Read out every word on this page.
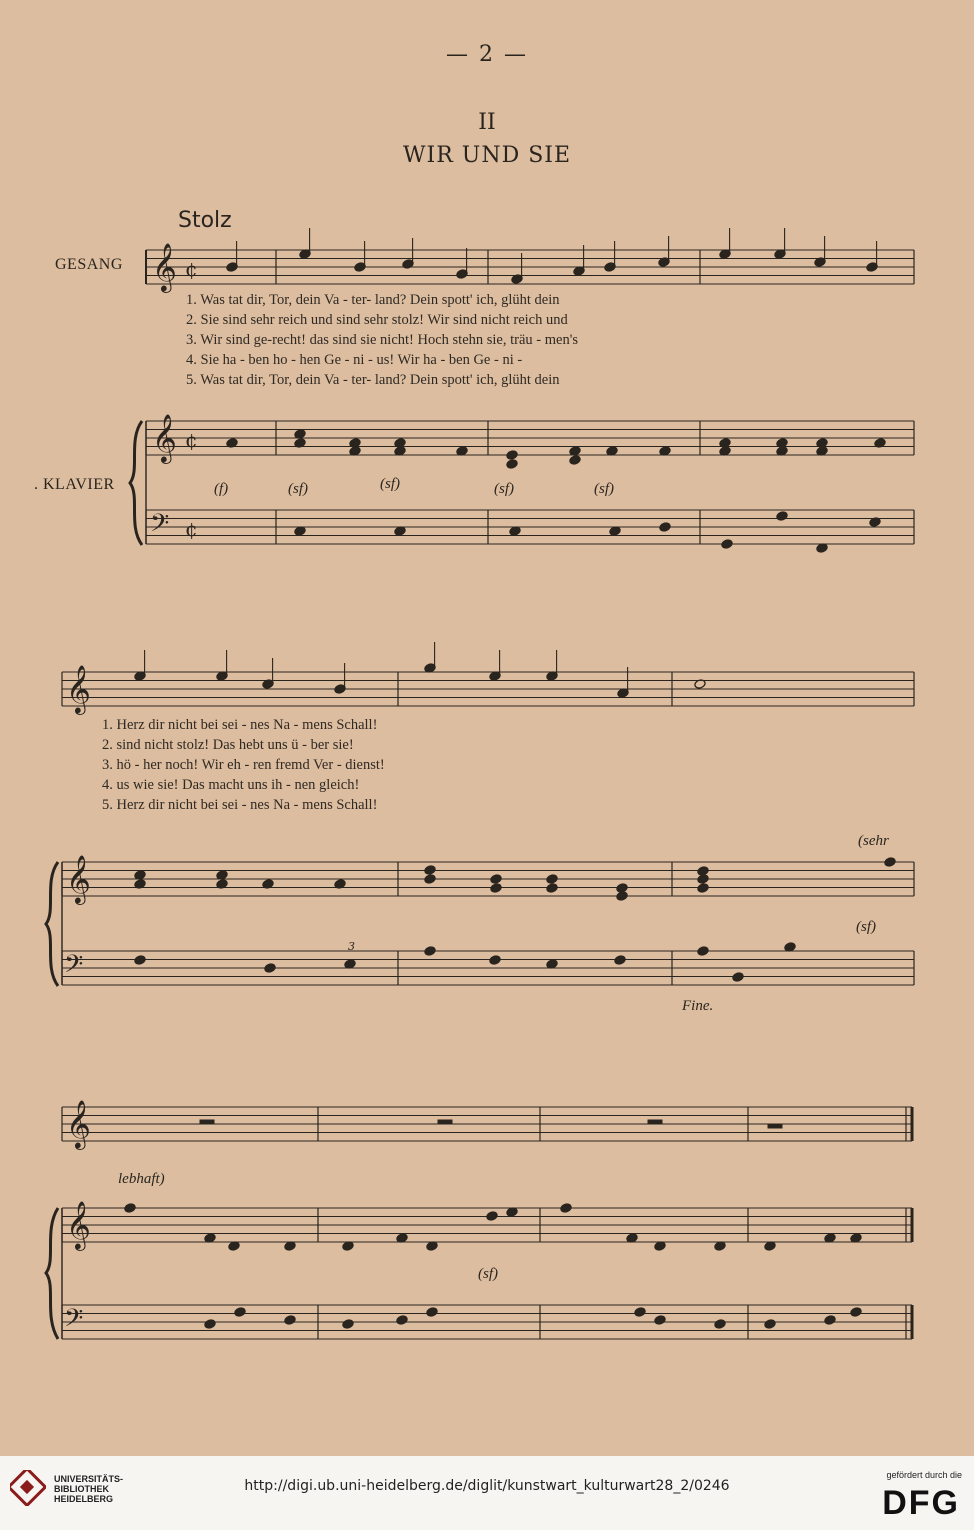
— 2 —
II
WIR UND SIE
Stolz
GESANG
. KLAVIER
1. Was tat dir, Tor, dein Va - ter- land? Dein spott' ich, glüht dein
2. Sie sind sehr reich und sind sehr stolz! Wir sind nicht reich und
3. Wir sind ge-recht! das sind sie nicht! Hoch stehn sie, träu - men's
4. Sie ha - ben ho - hen Ge - ni - us! Wir ha - ben Ge - ni -
5. Was tat dir, Tor, dein Va - ter- land? Dein spott' ich, glüht dein
1. Herz dir nicht bei sei - nes Na - mens Schall!
2. sind nicht stolz! Das hebt uns ü - ber sie!
3. hö - her noch! Wir eh - ren fremd Ver - dienst!
4. us wie sie! Das macht uns ih - nen gleich!
5. Herz dir nicht bei sei - nes Na - mens Schall!
(f)	(sf)	(sf)	(sf)	(sf)
(sehr
(sf)
Fine.
lebhaft)
(sf)
3
𝄞
𝄞
𝄢
¢
¢
¢
𝄞
𝄞
𝄢
𝄞
𝄞
𝄢
UNIVERSITÄTS-
BIBLIOTHEK
HEIDELBERG
http://digi.ub.uni-heidelberg.de/diglit/kunstwart_kulturwart28_2/0246
gefördert durch die
DFG
